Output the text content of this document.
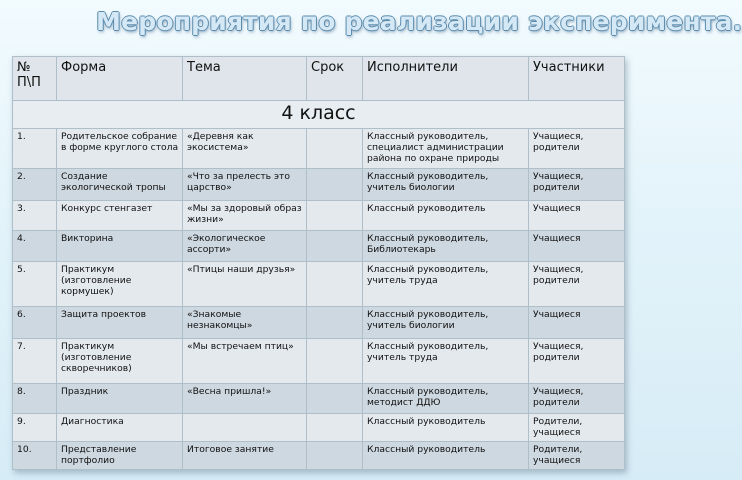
Мероприятия по реализации эксперимента.
№ П\П	Форма	Тема	Срок	Исполнители	Участники
4 класс					
1.	Родительское собрание в форме круглого стола	«Деревня как экосистема»		Классный руководитель, специалист администрации района по охране природы	Учащиеся, родители
2.	Создание экологической тропы	«Что за прелесть это царство»		Классный руководитель, учитель биологии	Учащиеся, родители
3.	Конкурс стенгазет	«Мы за здоровый образ жизни»		Классный руководитель	Учащиеся
4.	Викторина	«Экологическое ассорти»		Классный руководитель, Библиотекарь	Учащиеся
5.	Практикум (изготовление кормушек)	«Птицы наши друзья»		Классный руководитель, учитель труда	Учащиеся, родители
6.	Защита проектов	«Знакомые незнакомцы»		Классный руководитель, учитель биологии	Учащиеся
7.	Практикум (изготовление скворечников)	«Мы встречаем птиц»		Классный руководитель, учитель труда	Учащиеся, родители
8.	Праздник	«Весна пришла!»		Классный руководитель, методист ДДЮ	Учащиеся, родители
9.	Диагностика			Классный руководитель	Родители, учащиеся
10.	Представление портфолио	Итоговое занятие		Классный руководитель	Родители, учащиеся
